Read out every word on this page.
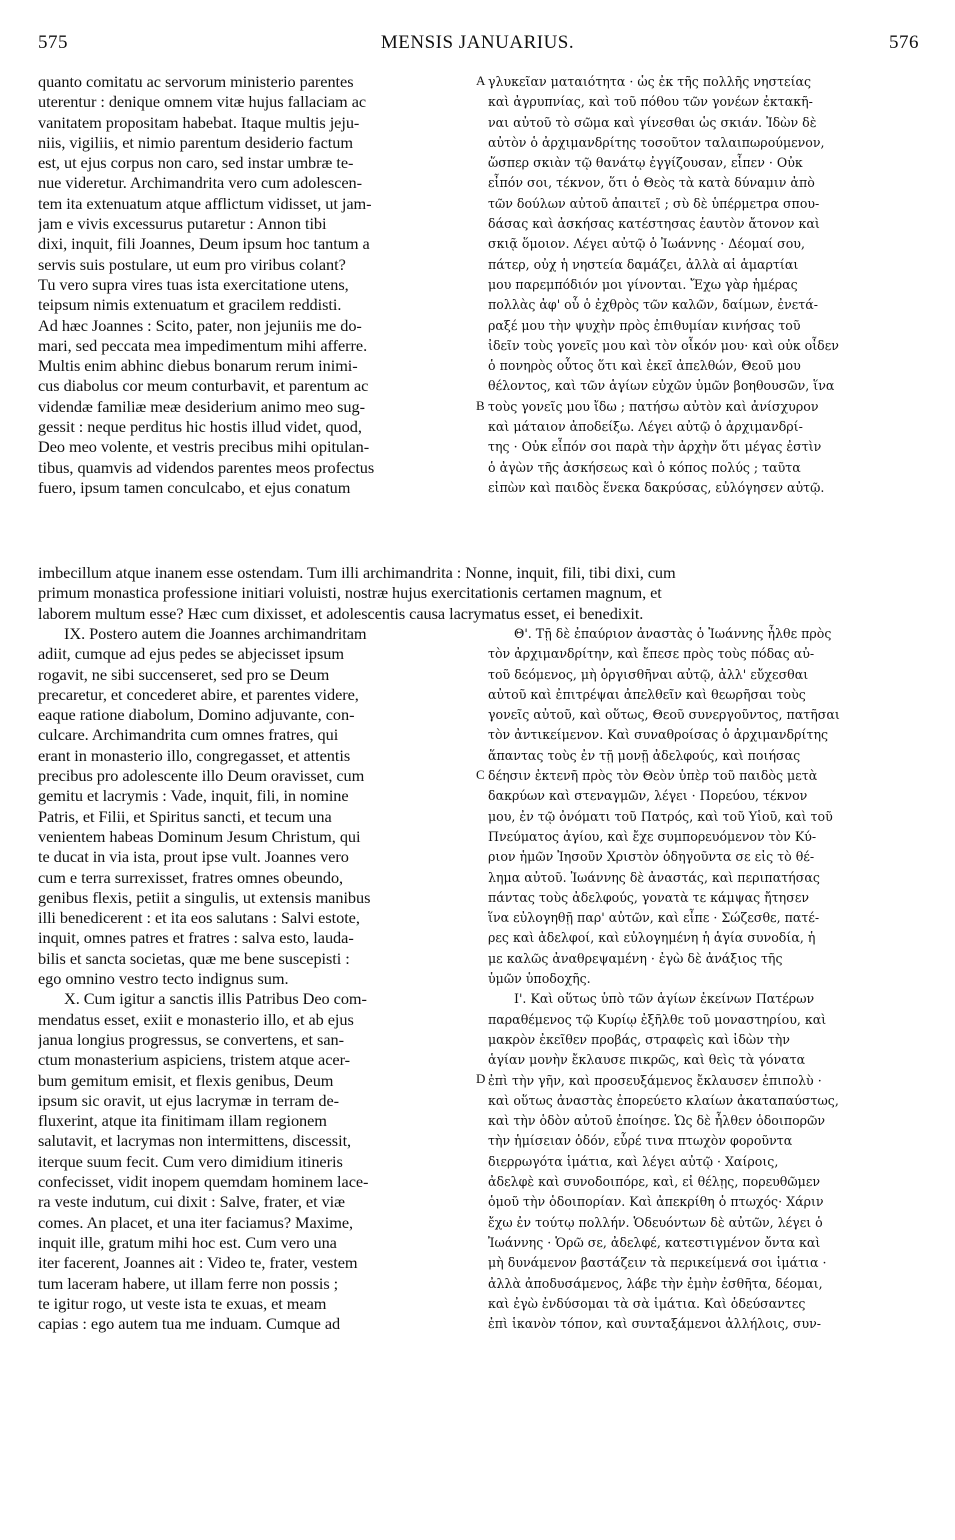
575	MENSIS JANUARIUS.	576
quanto comitatu ac servorum ministerio parentes
uterentur : denique omnem vitæ hujus fallaciam ac
vanitatem propositam habebat. Itaque multis jeju-
niis, vigiliis, et nimio parentum desiderio factum
est, ut ejus corpus non caro, sed instar umbræ te-
nue videretur. Archimandrita vero cum adolescen-
tem ita extenuatum atque afflictum vidisset, ut jam-
jam e vivis excessurus putaretur : Annon tibi
dixi, inquit, fili Joannes, Deum ipsum hoc tantum a
servis suis postulare, ut eum pro viribus colant?
Tu vero supra vires tuas ista exercitatione utens,
teipsum nimis extenuatum et gracilem reddisti.
Ad hæc Joannes : Scito, pater, non jejuniis me do-
mari, sed peccata mea impedimentum mihi afferre.
Multis enim abhinc diebus bonarum rerum inimi-
cus diabolus cor meum conturbavit, et parentum ac
videndæ familiæ meæ desiderium animo meo sug-
gessit : neque perditus hic hostis illud videt, quod,
Deo meo volente, et vestris precibus mihi opitulan-
tibus, quamvis ad videndos parentes meos profectus
fuero, ipsum tamen conculcabo, et ejus conatum
γλυκεῖαν ματαιότητα · ὡς ἐκ τῆς πολλῆς νηστείας
καὶ ἀγρυπνίας, καὶ τοῦ πόθου τῶν γονέων ἐκτακῆ-
ναι αὐτοῦ τὸ σῶμα καὶ γίνεσθαι ὡς σκιάν. Ἰδὼν δὲ
αὐτὸν ὁ ἀρχιμανδρίτης τοσοῦτον ταλαιπωρούμενον,
ὥσπερ σκιὰν τῷ θανάτῳ ἐγγίζουσαν, εἶπεν · Οὐκ
εἶπόν σοι, τέκνον, ὅτι ὁ Θεὸς τὰ κατὰ δύναμιν ἀπὸ
τῶν δούλων αὐτοῦ ἀπαιτεῖ ; σὺ δὲ ὑπέρμετρα σπου-
δάσας καὶ ἀσκήσας κατέστησας ἑαυτὸν ἄτονον καὶ
σκιᾷ ὅμοιον. Λέγει αὐτῷ ὁ Ἰωάννης · Δέομαί σου,
πάτερ, οὐχ ἡ νηστεία δαμάζει, ἀλλὰ αἱ ἁμαρτίαι
μου παρεμπόδιόν μοι γίνονται. Ἔχω γὰρ ἡμέρας
πολλὰς ἀφ' οὗ ὁ ἐχθρὸς τῶν καλῶν, δαίμων, ἐνετά-
ραξέ μου τὴν ψυχὴν πρὸς ἐπιθυμίαν κινήσας τοῦ
ἰδεῖν τοὺς γονεῖς μου καὶ τὸν οἶκόν μου· καὶ οὐκ οἶδεν
ὁ πονηρὸς οὗτος ὅτι καὶ ἐκεῖ ἀπελθών, Θεοῦ μου
θέλοντος, καὶ τῶν ἁγίων εὐχῶν ὑμῶν βοηθουσῶν, ἵνα
τοὺς γονεῖς μου ἴδω ; πατήσω αὐτὸν καὶ ἀνίσχυρον
καὶ μάταιον ἀποδείξω. Λέγει αὐτῷ ὁ ἀρχιμανδρί-
της · Οὐκ εἶπόν σοι παρὰ τὴν ἀρχὴν ὅτι μέγας ἐστὶν
ὁ ἀγὼν τῆς ἀσκήσεως καὶ ὁ κόπος πολύς ; ταῦτα
εἰπὼν καὶ παιδὸς ἕνεκα δακρύσας, εὐλόγησεν αὐτῷ.
imbecillum atque inanem esse ostendam. Tum illi archimandrita : Nonne, inquit, fili, tibi dixi, cum
primum monastica professione initiari voluisti, nostræ hujus exercitationis certamen magnum, et
laborem multum esse? Hæc cum dixisset, et adolescentis causa lacrymatus esset, ei benedixit.
IX. Postero autem die Joannes archimandritam
adiit, cumque ad ejus pedes se abjecisset ipsum
rogavit, ne sibi succenseret, sed pro se Deum
precaretur, et concederet abire, et parentes videre,
eaque ratione diabolum, Domino adjuvante, con-
culcare. Archimandrita cum omnes fratres, qui
erant in monasterio illo, congregasset, et attentis
precibus pro adolescente illo Deum oravisset, cum
gemitu et lacrymis : Vade, inquit, fili, in nomine
Patris, et Filii, et Spiritus sancti, et tecum una
venientem habeas Dominum Jesum Christum, qui
te ducat in via ista, prout ipse vult. Joannes vero
cum e terra surrexisset, fratres omnes obeundo,
genibus flexis, petiit a singulis, ut extensis manibus
illi benedicerent : et ita eos salutans : Salvi estote,
inquit, omnes patres et fratres : salva esto, lauda-
bilis et sancta societas, quæ me bene suscepisti :
ego omnino vestro tecto indignus sum.
X. Cum igitur a sanctis illis Patribus Deo com-
mendatus esset, exiit e monasterio illo, et ab ejus
janua longius progressus, se convertens, et san-
ctum monasterium aspiciens, tristem atque acer-
bum gemitum emisit, et flexis genibus, Deum
ipsum sic oravit, ut ejus lacrymæ in terram de-
fluxerint, atque ita finitimam illam regionem
salutavit, et lacrymas non intermittens, discessit,
iterque suum fecit. Cum vero dimidium itineris
confecisset, vidit inopem quemdam hominem lace-
ra veste indutum, cui dixit : Salve, frater, et viæ
comes. An placet, et una iter faciamus? Maxime,
inquit ille, gratum mihi hoc est. Cum vero una
iter facerent, Joannes ait : Video te, frater, vestem
tum laceram habere, ut illam ferre non possis ;
te igitur rogo, ut veste ista te exuas, et meam
capias : ego autem tua me induam. Cumque ad
Θ'. Τῇ δὲ ἐπαύριον ἀναστὰς ὁ Ἰωάννης ἦλθε πρὸς
τὸν ἀρχιμανδρίτην, καὶ ἔπεσε πρὸς τοὺς πόδας αὐ-
τοῦ δεόμενος, μὴ ὀργισθῆναι αὐτῷ, ἀλλ' εὔχεσθαι
αὐτοῦ καὶ ἐπιτρέψαι ἀπελθεῖν καὶ θεωρῆσαι τοὺς
γονεῖς αὐτοῦ, καὶ οὕτως, Θεοῦ συνεργοῦντος, πατῆσαι
τὸν ἀντικείμενον. Καὶ συναθροίσας ὁ ἀρχιμανδρίτης
ἅπαντας τοὺς ἐν τῇ μονῇ ἀδελφούς, καὶ ποιήσας
δέησιν ἐκτενῆ πρὸς τὸν Θεὸν ὑπὲρ τοῦ παιδὸς μετὰ
δακρύων καὶ στεναγμῶν, λέγει · Πορεύου, τέκνον
μου, ἐν τῷ ὀνόματι τοῦ Πατρός, καὶ τοῦ Υἱοῦ, καὶ τοῦ
Πνεύματος ἁγίου, καὶ ἔχε συμπορευόμενον τὸν Κύ-
ριον ἡμῶν Ἰησοῦν Χριστὸν ὁδηγοῦντα σε εἰς τὸ θέ-
λημα αὐτοῦ. Ἰωάννης δὲ ἀναστάς, καὶ περιπατήσας
πάντας τοὺς ἀδελφούς, γονατὰ τε κάμψας ἤτησεν
ἵνα εὐλογηθῇ παρ' αὐτῶν, καὶ εἶπε · Σώζεσθε, πατέ-
ρες καὶ ἀδελφοί, καὶ εὐλογημένη ἡ ἁγία συνοδία, ἡ
με καλῶς ἀναθρεψαμένη · ἐγὼ δὲ ἀνάξιος τῆς
ὑμῶν ὑποδοχῆς.
Ι'. Καὶ οὕτως ὑπὸ τῶν ἁγίων ἐκείνων Πατέρων
παραθέμενος τῷ Κυρίῳ ἐξῆλθε τοῦ μοναστηρίου, καὶ
μακρὸν ἐκεῖθεν προβάς, στραφεὶς καὶ ἰδὼν τὴν
ἁγίαν μονὴν ἔκλαυσε πικρῶς, καὶ θεὶς τὰ γόνατα
ἐπὶ τὴν γῆν, καὶ προσευξάμενος ἔκλαυσεν ἐπιπολὺ ·
καὶ οὕτως ἀναστὰς ἐπορεύετο κλαίων ἀκαταπαύστως,
καὶ τὴν ὁδὸν αὐτοῦ ἐποίησε. Ὡς δὲ ἦλθεν ὁδοιπορῶν
τὴν ἡμίσειαν ὁδόν, εὗρέ τινα πτωχὸν φοροῦντα
διερρωγότα ἱμάτια, καὶ λέγει αὐτῷ · Χαίροις,
ἀδελφὲ καὶ συνοδοιπόρε, καὶ, εἰ θέλῃς, πορευθῶμεν
ὁμοῦ τὴν ὁδοιπορίαν. Καὶ ἀπεκρίθη ὁ πτωχός· Χάριν
ἔχω ἐν τούτῳ πολλήν. Ὁδευόντων δὲ αὐτῶν, λέγει ὁ
Ἰωάννης · Ὁρῶ σε, ἀδελφέ, κατεστιγμένον ὄντα καὶ
μὴ δυνάμενον βαστάζειν τὰ περικείμενά σοι ἱμάτια ·
ἀλλὰ ἀποδυσάμενος, λάβε τὴν ἐμὴν ἐσθῆτα, δέομαι,
καὶ ἐγὼ ἐνδύσομαι τὰ σὰ ἱμάτια. Καὶ ὁδεύσαντες
ἐπὶ ἱκανὸν τόπον, καὶ συνταξάμενοι ἀλλήλοις, συν-
A
B
C
D
